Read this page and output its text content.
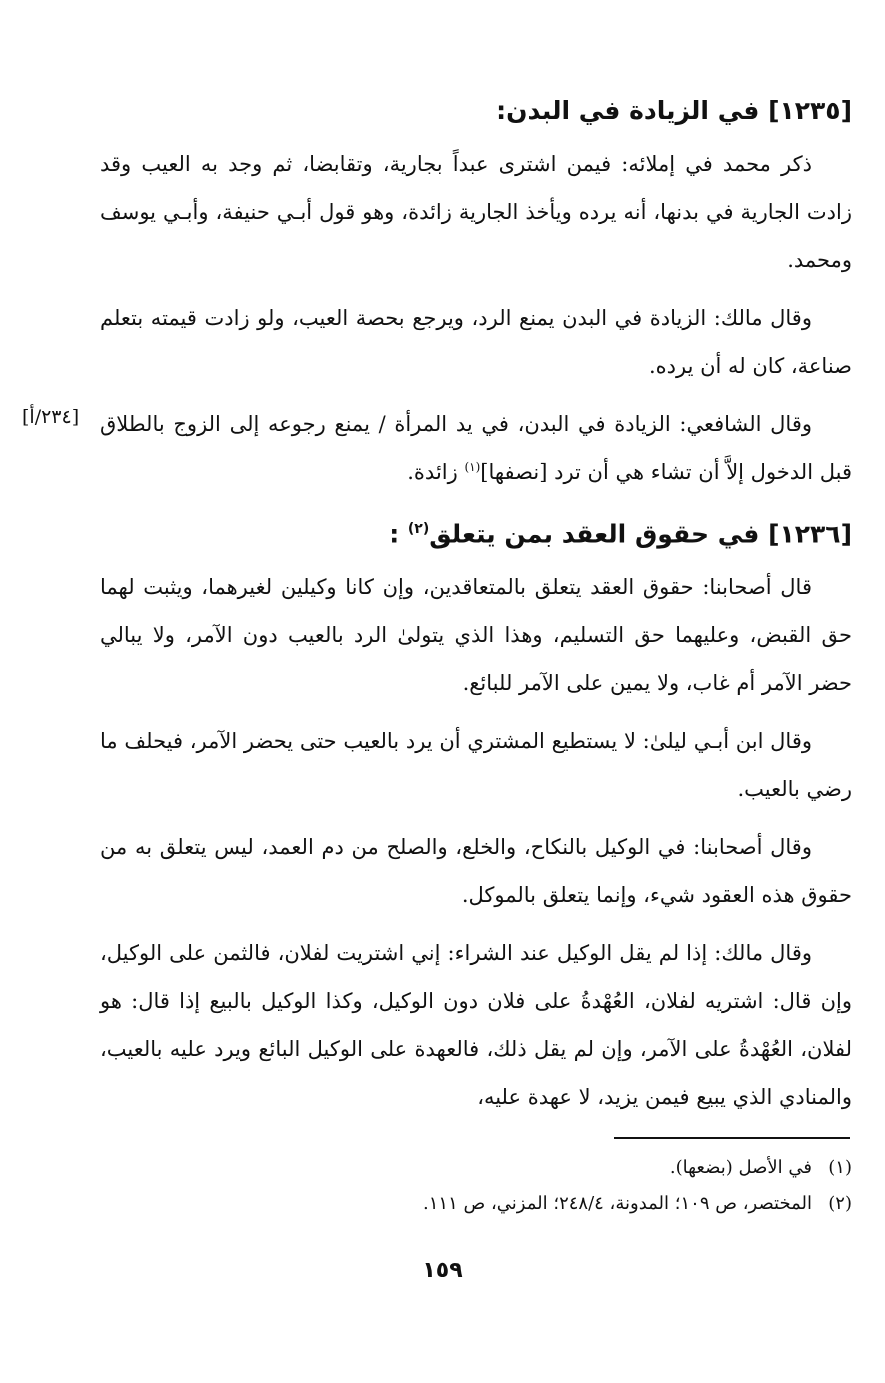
[١٢٣٥] في الزيادة في البدن:

ذكر محمد في إملائه: فيمن اشترى عبداً بجارية، وتقابضا، ثم وجد به العيب وقد زادت الجارية في بدنها، أنه يرده ويأخذ الجارية زائدة، وهو قول أبـي حنيفة، وأبـي يوسف ومحمد.

وقال مالك: الزيادة في البدن يمنع الرد، ويرجع بحصة العيب، ولو زادت قيمته بتعلم صناعة، كان له أن يرده.

[٢٣٤/أ] وقال الشافعي: الزيادة في البدن، في يد المرأة / يمنع رجوعه إلى الزوج بالطلاق قبل الدخول إلاَّ أن تشاء هي أن ترد [نصفها]$^{(١)}$ زائدة.

[١٢٣٦] في حقوق العقد بمن يتعلق$^{(٢)}$ :

قال أصحابنا: حقوق العقد يتعلق بالمتعاقدين، وإن كانا وكيلين لغيرهما، ويثبت لهما حق القبض، وعليهما حق التسليم، وهذا الذي يتولىٰ الرد بالعيب دون الآمر، ولا يبالي حضر الآمر أم غاب، ولا يمين على الآمر للبائع.

وقال ابن أبـي ليلىٰ: لا يستطيع المشتري أن يرد بالعيب حتى يحضر الآمر، فيحلف ما رضي بالعيب.

وقال أصحابنا: في الوكيل بالنكاح، والخلع، والصلح من دم العمد، ليس يتعلق به من حقوق هذه العقود شيء، وإنما يتعلق بالموكل.

وقال مالك: إذا لم يقل الوكيل عند الشراء: إني اشتريت لفلان، فالثمن على الوكيل، وإن قال: اشتريه لفلان، العُهْدةُ على فلان دون الوكيل، وكذا الوكيل بالبيع إذا قال: هو لفلان، العُهْدةُ على الآمر، وإن لم يقل ذلك، فالعهدة على الوكيل البائع ويرد عليه بالعيب، والمنادي الذي يبيع فيمن يزيد، لا عهدة عليه،

(١)في الأصل (بضعها).

(٢)المختصر، ص ١٠٩؛ المدونة، ٢٤٨/٤؛ المزني، ص ١١١.

١٥٩
